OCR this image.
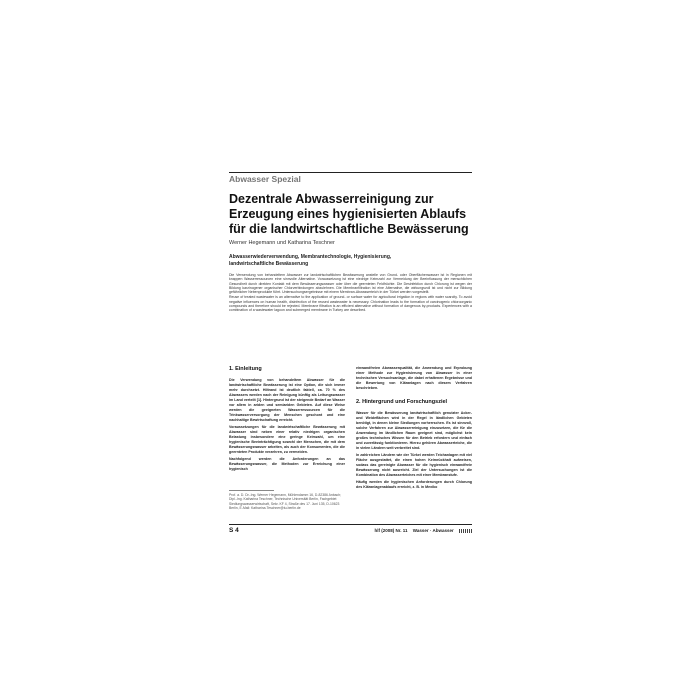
Abwasser Spezial
Dezentrale Abwasserreinigung zur Erzeugung eines hygienisierten Ablaufs für die landwirtschaftliche Bewässerung
Werner Hegemann und Katharina Teschner
Abwasserwiederverwendung, Membrantechnologie, Hygienisierung, landwirtschaftliche Bewässerung

Die Verwendung von behandeltem Abwasser zur landwirtschaftlichen Bewässerung anstelle von Grund- oder Oberflächenwasser ist in Regionen mit knappen Wasserressourcen eine sinnvolle Alternative. Voraussetzung ist eine niedrige Keimzahl zur Vermeidung der Beeinflussung der menschlichen Gesundheit durch direkten Kontakt mit dem Bewässerungswasser oder über die geernteten Feldfrüchte. Die Desinfektion durch Chlorung ist wegen der Bildung karzinogener organischer Chlorverbindungen abzulehnen. Die Membranfiltration ist eine Alternative, die wirkungsvoll ist und nicht zur Bildung gefährlicher Nebenprodukte führt. Untersuchungsergebnisse mit einem Membran-Abwasserteich in der Türkei werden vorgestellt.

Reuse of treated wastewater is an alternative to the application of ground- or surface water for agricultural irrigation in regions with water scarcity. To avoid negative influences on human health, disinfection of the reused wastewater is necessary. Chlorination leads to the formation of carcinogenic chloroorganic compounds and therefore should be rejected. Membrane filtration is an efficient alternative without formation of dangerous by-products. Experiences with a combination of a wastewater lagoon and submerged membrane in Turkey are described.

1. Einleitung

Die Verwendung von behandeltem Abwasser für die landwirtschaftliche Bewässerung ist eine Option, die sich immer mehr durchsetzt. Hiltrand ist deutlich faktell, ca. 70 % des Abwassers werden nach der Reinigung künftig als Leitungswasser im Land verteilt [1]. Hintergrund ist der steigende Bedarf an Wasser vor allem in ariden und semiariden Gebieten. Auf diese Weise werden die geeigneten Wasserressourcen für die Trinkwasserversorgung der Menschen geschont und eine nachhaltige Bewirtschaftung erreicht.

Voraussetzungen für die landwirtschaftliche Bewässerung mit Abwasser sind neben einer relativ niedrigen organischen Belastung insbesondere eine geringe Keimzahl, um eine hygienische Beeinträchtigung sowohl der Menschen, die mit dem Bewässerungswasser arbeiten, als auch der Konsumenten, die die geernteten Produkte verzehren, zu vermeiden.

Nachfolgend werden die Anforderungen an das Bewässerungswasser, die Methoden zur Erreichung einer hygienisch

einwandfreien Abwasserqualität, die Anwendung und Erprobung einer Methode zur Hygienisierung von Abwasser in einer technischen Versuchsanlage, die dabei erhaltenen Ergebnisse und die Bewertung von Kläranlagen nach diesem Verfahren beschrieben.

2. Hintergrund und Forschungsziel

Wasser für die Bewässerung landwirtschaftlich genutzter Acker- und Weideflächen wird in der Regel in ländlichen Gebieten benötigt, in denen kleine Siedlungen vorherrschen. Es ist sinnvoll, solche Verfahren zur Abwasserreinigung einzusetzen, die für die Anwendung im ländlichen Raum geeignet sind, möglichst kein großes technisches Wissen für den Betrieb erfordern und einfach und zuverlässig funktionieren. Hierzu gehören Abwasserteiche, die in vielen Ländern weit verbreitet sind.

In zahlreichen Ländern wie der Türkei werden Teichanlagen mit viel Fläche ausgestattet, die einen hohen Keimrückhalt aufweisen, sodass das gereinigte Abwasser für die hygienisch einwandfreie Bewässerung nicht ausreicht. Ziel der Untersuchungen ist die Kombination des Abwasserteiches mit einer Membranstufe.

Häufig werden die hygienischen Anforderungen durch Chlorung des Kläranlagenablaufs erreicht, z. B. in Mexiko

Prof. a. D. Dr.-Ing. Werner Hegemann, Mühlendamm 16, D-82386 Anbach; Dipl.-Ing. Katharina Teschner, Technische Universität Berlin, Fachgebiet Siedlungswasserwirtschaft, Sekr. KF 4, Straße des 17. Juni 135, D-10623 Berlin, E-Mail: Katharina.Teschner@tu-berlin.de

S 4	hlf (2008) Nr. 11 Wasser · Abwasser
